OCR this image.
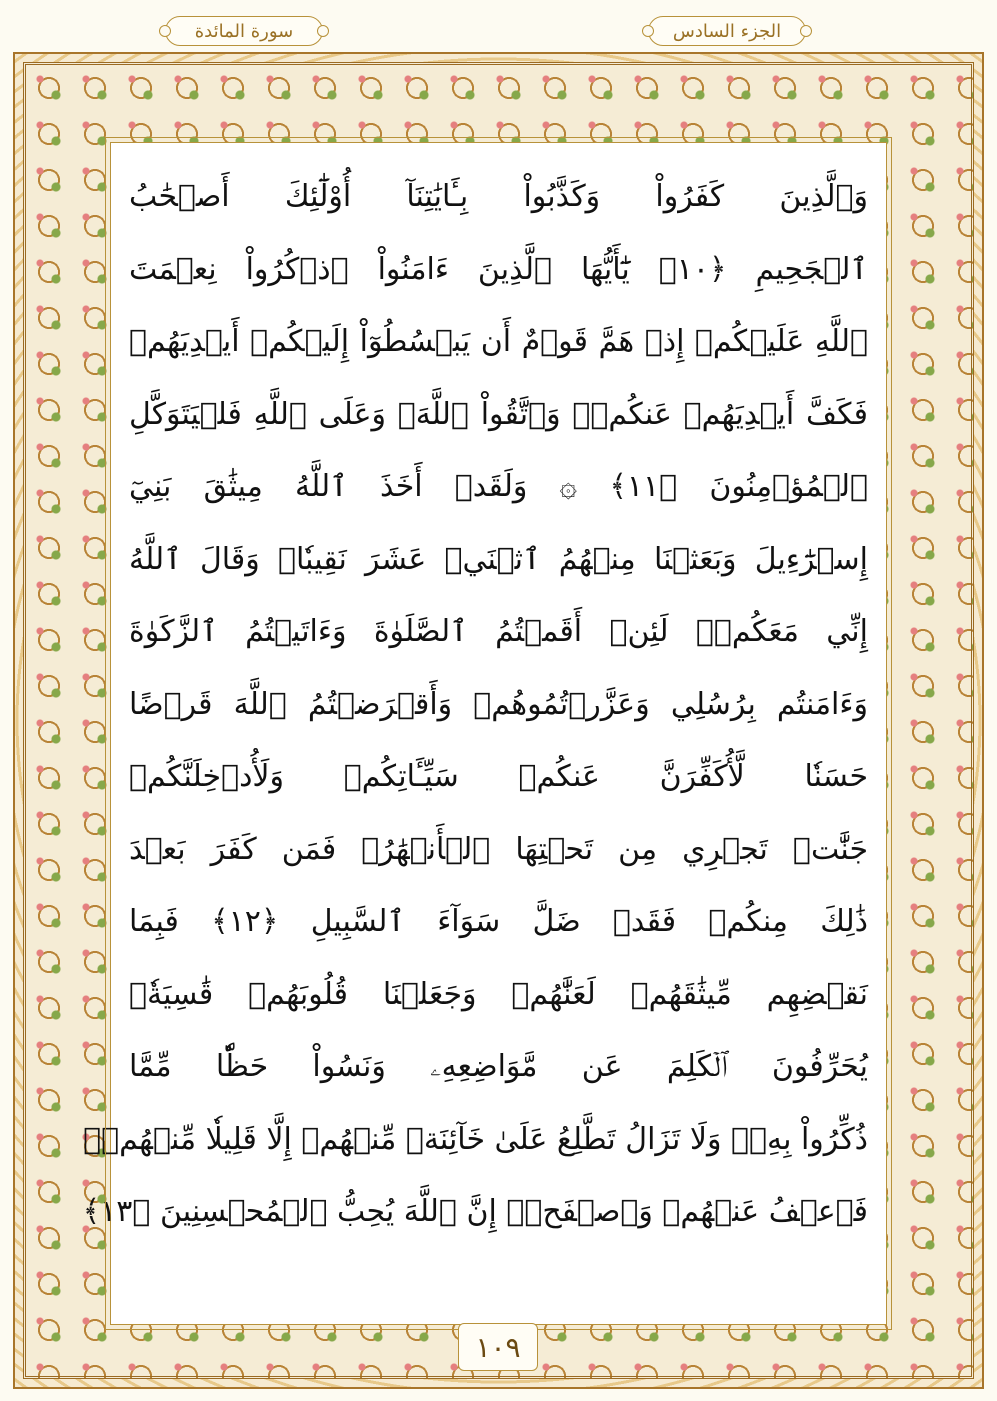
سورة المائدة	الجزء السادس
وَٱلَّذِينَ كَفَرُواْ وَكَذَّبُواْ بِـَٔايَٰتِنَآ أُوْلَٰٓئِكَ أَصۡحَٰبُ
ٱلۡجَحِيمِ ﴿١٠﴾ يَٰٓأَيُّهَا ٱلَّذِينَ ءَامَنُواْ ٱذۡكُرُواْ نِعۡمَتَ
ٱللَّهِ عَلَيۡكُمۡ إِذۡ هَمَّ قَوۡمٌ أَن يَبۡسُطُوٓاْ إِلَيۡكُمۡ أَيۡدِيَهُمۡ
فَكَفَّ أَيۡدِيَهُمۡ عَنكُمۡۖ وَٱتَّقُواْ ٱللَّهَۚ وَعَلَى ٱللَّهِ فَلۡيَتَوَكَّلِ
ٱلۡمُؤۡمِنُونَ ﴿١١﴾ ۞ وَلَقَدۡ أَخَذَ ٱللَّهُ مِيثَٰقَ بَنِيٓ
إِسۡرَٰٓءِيلَ وَبَعَثۡنَا مِنۡهُمُ ٱثۡنَيۡ عَشَرَ نَقِيبٗاۖ وَقَالَ ٱللَّهُ
إِنِّي مَعَكُمۡۖ لَئِنۡ أَقَمۡتُمُ ٱلصَّلَوٰةَ وَءَاتَيۡتُمُ ٱلزَّكَوٰةَ
وَءَامَنتُم بِرُسُلِي وَعَزَّرۡتُمُوهُمۡ وَأَقۡرَضۡتُمُ ٱللَّهَ قَرۡضًا
حَسَنٗا لَّأُكَفِّرَنَّ عَنكُمۡ سَيِّـَٔاتِكُمۡ وَلَأُدۡخِلَنَّكُمۡ
جَنَّٰتٖ تَجۡرِي مِن تَحۡتِهَا ٱلۡأَنۡهَٰرُۚ فَمَن كَفَرَ بَعۡدَ
ذَٰلِكَ مِنكُمۡ فَقَدۡ ضَلَّ سَوَآءَ ٱلسَّبِيلِ ﴿١٢﴾ فَبِمَا
نَقۡضِهِم مِّيثَٰقَهُمۡ لَعَنَّٰهُمۡ وَجَعَلۡنَا قُلُوبَهُمۡ قَٰسِيَةٗۖ
يُحَرِّفُونَ ٱلۡكَلِمَ عَن مَّوَاضِعِهِۦ وَنَسُواْ حَظّٗا مِّمَّا
ذُكِّرُواْ بِهِۦۚ وَلَا تَزَالُ تَطَّلِعُ عَلَىٰ خَآئِنَةٖ مِّنۡهُمۡ إِلَّا قَلِيلٗا مِّنۡهُمۡۖ
فَٱعۡفُ عَنۡهُمۡ وَٱصۡفَحۡۚ إِنَّ ٱللَّهَ يُحِبُّ ٱلۡمُحۡسِنِينَ ﴿١٣﴾
١٠٩
